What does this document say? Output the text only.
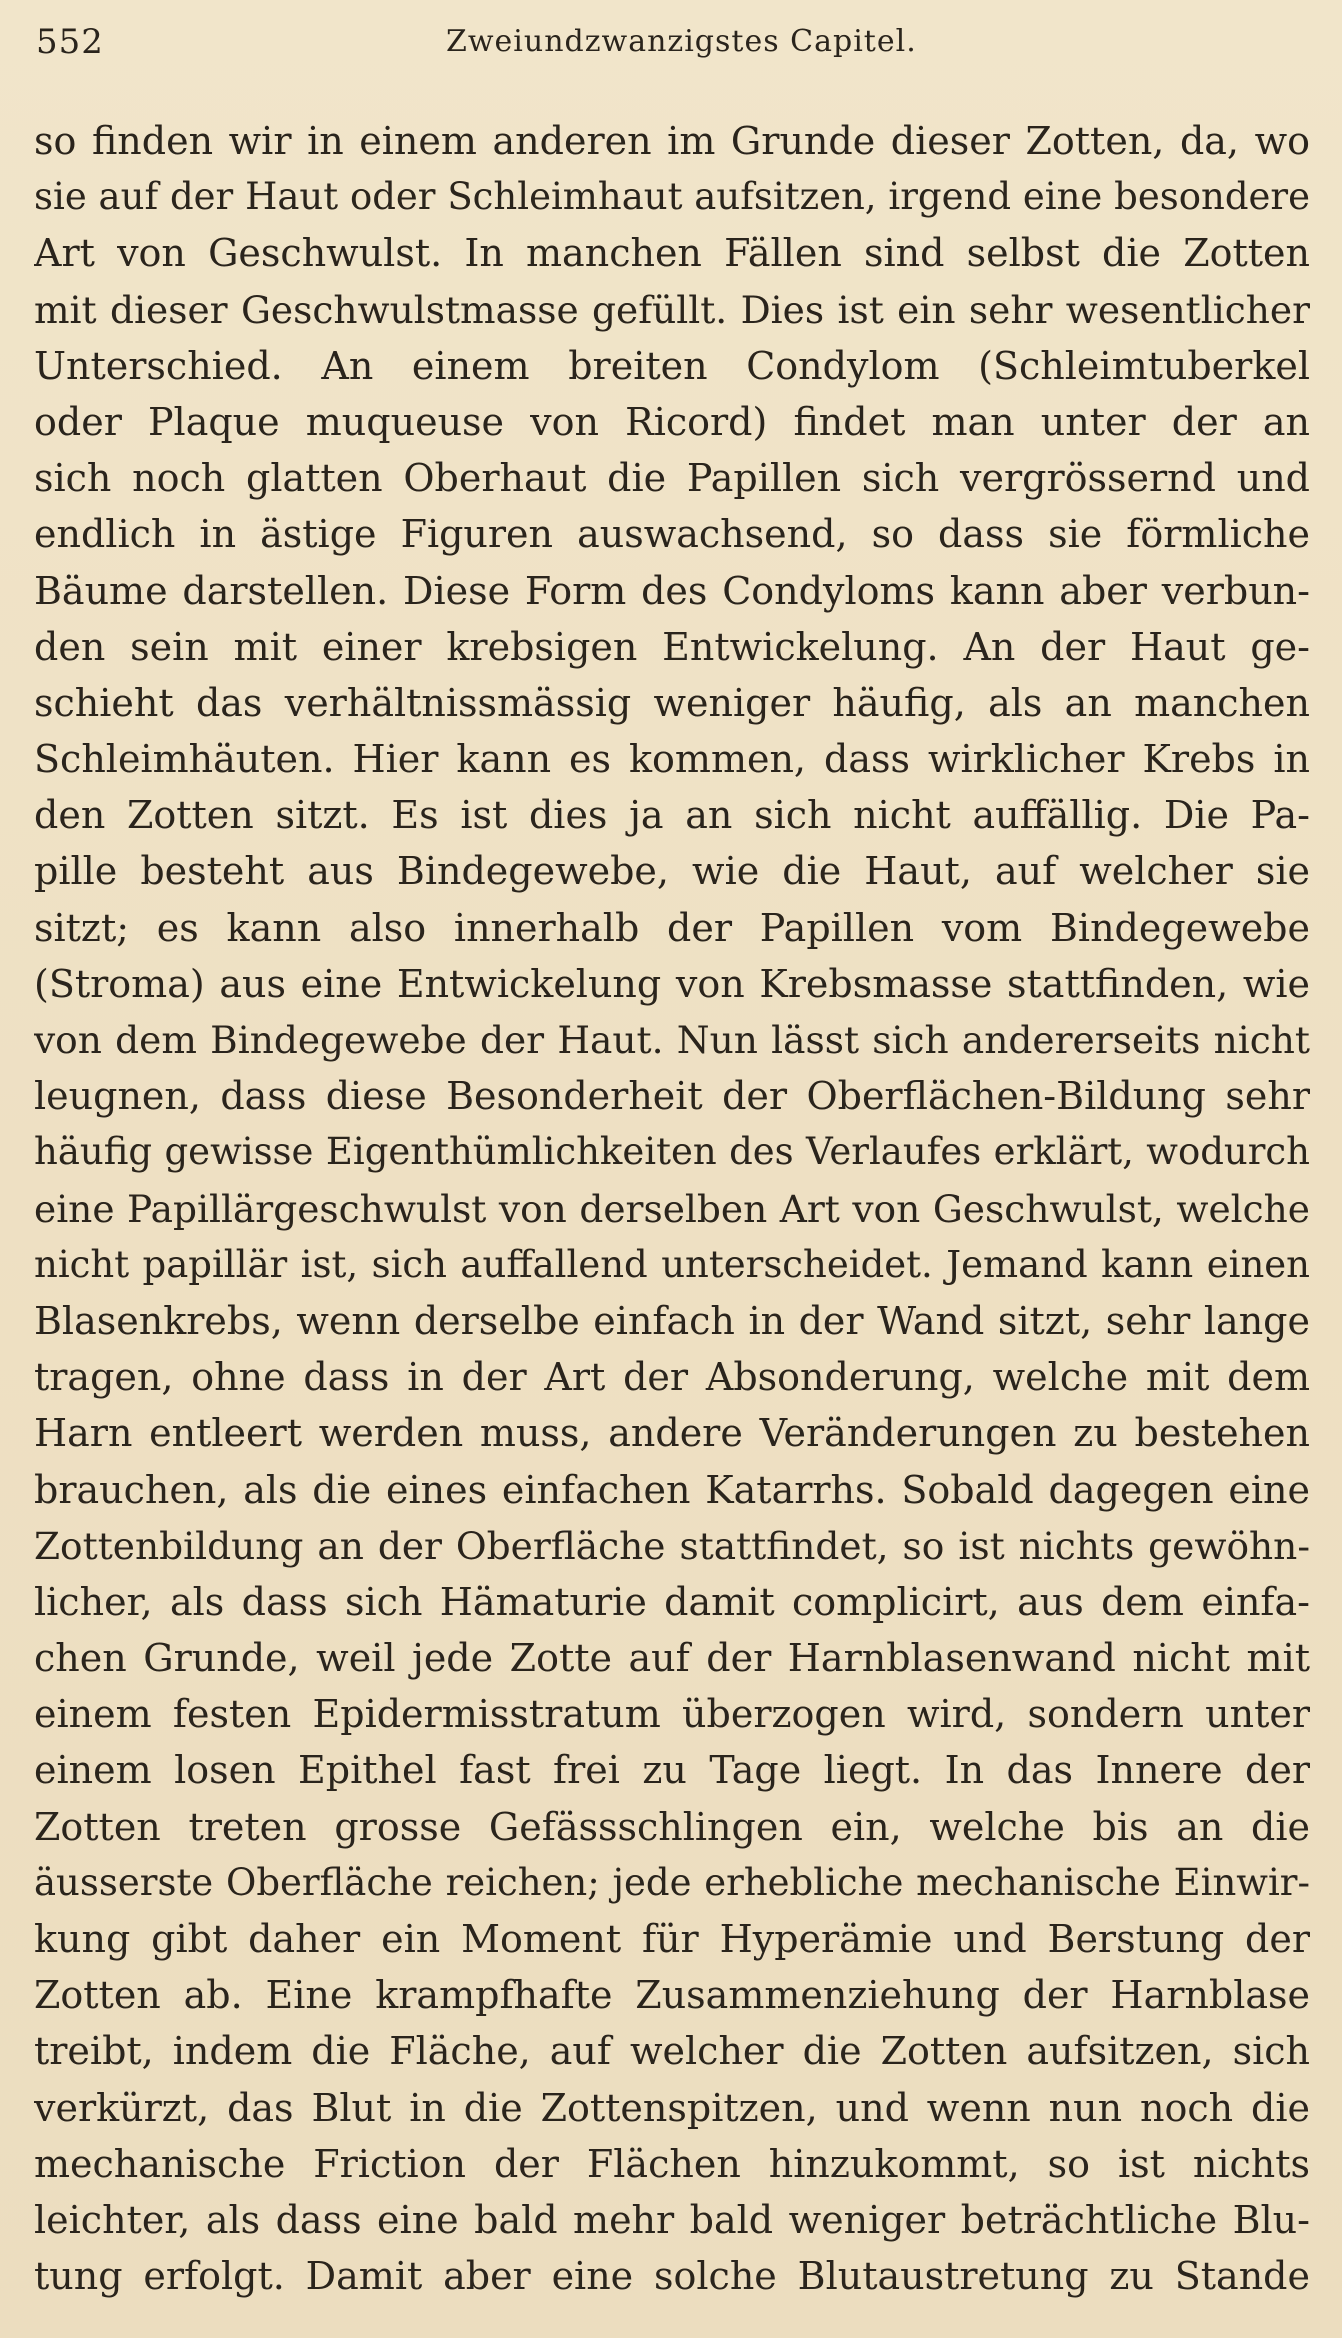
552	Zweiundzwanzigstes Capitel.
so finden wir in einem anderen im Grunde dieser Zotten, da, wo
sie auf der Haut oder Schleimhaut aufsitzen, irgend eine besondere
Art von Geschwulst. In manchen Fällen sind selbst die Zotten
mit dieser Geschwulstmasse gefüllt. Dies ist ein sehr wesentlicher
Unterschied. An einem breiten Condylom (Schleimtuberkel
oder Plaque muqueuse von Ricord) findet man unter der an
sich noch glatten Oberhaut die Papillen sich vergrössernd und
endlich in ästige Figuren auswachsend, so dass sie förmliche
Bäume darstellen. Diese Form des Condyloms kann aber verbun-
den sein mit einer krebsigen Entwickelung. An der Haut ge-
schieht das verhältnissmässig weniger häufig, als an manchen
Schleimhäuten. Hier kann es kommen, dass wirklicher Krebs in
den Zotten sitzt. Es ist dies ja an sich nicht auffällig. Die Pa-
pille besteht aus Bindegewebe, wie die Haut, auf welcher sie
sitzt; es kann also innerhalb der Papillen vom Bindegewebe
(Stroma) aus eine Entwickelung von Krebsmasse stattfinden, wie
von dem Bindegewebe der Haut. Nun lässt sich andererseits nicht
leugnen, dass diese Besonderheit der Oberflächen-Bildung sehr
häufig gewisse Eigenthümlichkeiten des Verlaufes erklärt, wodurch
eine Papillärgeschwulst von derselben Art von Geschwulst, welche
nicht papillär ist, sich auffallend unterscheidet. Jemand kann einen
Blasenkrebs, wenn derselbe einfach in der Wand sitzt, sehr lange
tragen, ohne dass in der Art der Absonderung, welche mit dem
Harn entleert werden muss, andere Veränderungen zu bestehen
brauchen, als die eines einfachen Katarrhs. Sobald dagegen eine
Zottenbildung an der Oberfläche stattfindet, so ist nichts gewöhn-
licher, als dass sich Hämaturie damit complicirt, aus dem einfa-
chen Grunde, weil jede Zotte auf der Harnblasenwand nicht mit
einem festen Epidermisstratum überzogen wird, sondern unter
einem losen Epithel fast frei zu Tage liegt. In das Innere der
Zotten treten grosse Gefässschlingen ein, welche bis an die
äusserste Oberfläche reichen; jede erhebliche mechanische Einwir-
kung gibt daher ein Moment für Hyperämie und Berstung der
Zotten ab. Eine krampfhafte Zusammenziehung der Harnblase
treibt, indem die Fläche, auf welcher die Zotten aufsitzen, sich
verkürzt, das Blut in die Zottenspitzen, und wenn nun noch die
mechanische Friction der Flächen hinzukommt, so ist nichts
leichter, als dass eine bald mehr bald weniger beträchtliche Blu-
tung erfolgt. Damit aber eine solche Blutaustretung zu Stande
